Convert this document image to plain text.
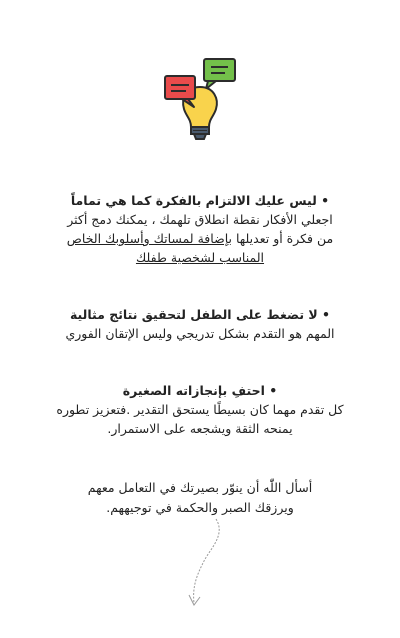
• ليس عليك الالتزام بالفكرة كما هي تماماً

اجعلي الأفكار نقطة انطلاق تلهمك ، يمكنك دمج أكثر

من فكرة أو تعديلها بإضافة لمساتك وأسلوبك الخاص

المناسب لشخصية طفلك

• لا تضغط على الطفل لتحقيق نتائج مثالية

المهم هو التقدم بشكل تدريجي وليس الإتقان الفوري

• احتفِ بإنجازاته الصغيرة

كل تقدم مهما كان بسيطًا يستحق التقدير .فتعزيز تطوره

يمنحه الثقة ويشجعه على الاستمرار.

أسأل اللّٰه أن ينوّر بصيرتك في التعامل معهم

ويرزقك الصبر والحكمة في توجيههم.
